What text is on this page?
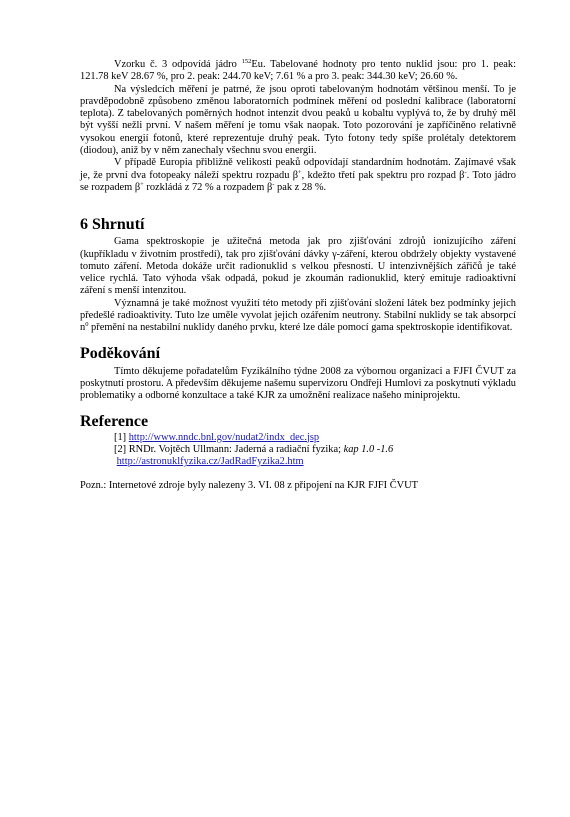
Vzorku č. 3 odpovídá jádro $^{152}$Eu. Tabelované hodnoty pro tento nuklid jsou: pro 1. peak: 121.78 keV 28.67 %, pro 2. peak: 244.70 keV; 7.61 % a pro 3. peak: 344.30 keV; 26.60 %.

Na výsledcích měření je patrné, že jsou oproti tabelovaným hodnotám většinou menší. To je pravděpodobně způsobeno změnou laboratorních podmínek měření od poslední kalibrace (laboratorní teplota). Z tabelovaných poměrných hodnot intenzit dvou peaků u kobaltu vyplývá to, že by druhý měl být vyšší nežli první. V našem měření je tomu však naopak. Toto pozorování je zapříčiněno relativně vysokou energií fotonů, které reprezentuje druhý peak. Tyto fotony tedy spíše prolétaly detektorem (diodou), aniž by v něm zanechaly všechnu svou energii.

V případě Europia přibližně velikosti peaků odpovídají standardním hodnotám. Zajímavé však je, že první dva fotopeaky náleží spektru rozpadu β+, kdežto třetí pak spektru pro rozpad β-. Toto jádro se rozpadem β+ rozkládá z 72 % a rozpadem β- pak z 28 %.

6 Shrnutí

Gama spektroskopie je užitečná metoda jak pro zjišťování zdrojů ionizujícího záření (kupříkladu v životním prostředí), tak pro zjišťování dávky γ-záření, kterou obdržely objekty vystavené tomuto záření. Metoda dokáže určit radionuklid s velkou přesností. U intenzivnějších zářičů je také velice rychlá. Tato výhoda však odpadá, pokud je zkoumán radionuklid, který emituje radioaktivní záření s menší intenzitou.

Významná je také možnost využití této metody při zjišťování složení látek bez podmínky jejich předešlé radioaktivity. Tuto lze uměle vyvolat jejich ozářením neutrony. Stabilní nuklidy se tak absorpcí $n^0$ přemění na nestabilní nuklidy daného prvku, které lze dále pomocí gama spektroskopie identifikovat.

Poděkování

Tímto děkujeme pořadatelům Fyzikálního týdne 2008 za výbornou organizaci a FJFI ČVUT za poskytnutí prostoru. A především děkujeme našemu supervizoru Ondřeji Humlovi za poskytnutí výkladu problematiky a odborné konzultace a také KJR za umožnění realizace našeho miniprojektu.

Reference
[1] http://www.nndc.bnl.gov/nudat2/indx_dec.jsp
[2] RNDr. Vojtěch Ullmann: Jaderná a radiační fyzika; kap 1.0 -1.6
http://astronuklfyzika.cz/JadRadFyzika2.htm

Pozn.: Internetové zdroje byly nalezeny 3. VI. 08 z připojení na KJR FJFI ČVUT
